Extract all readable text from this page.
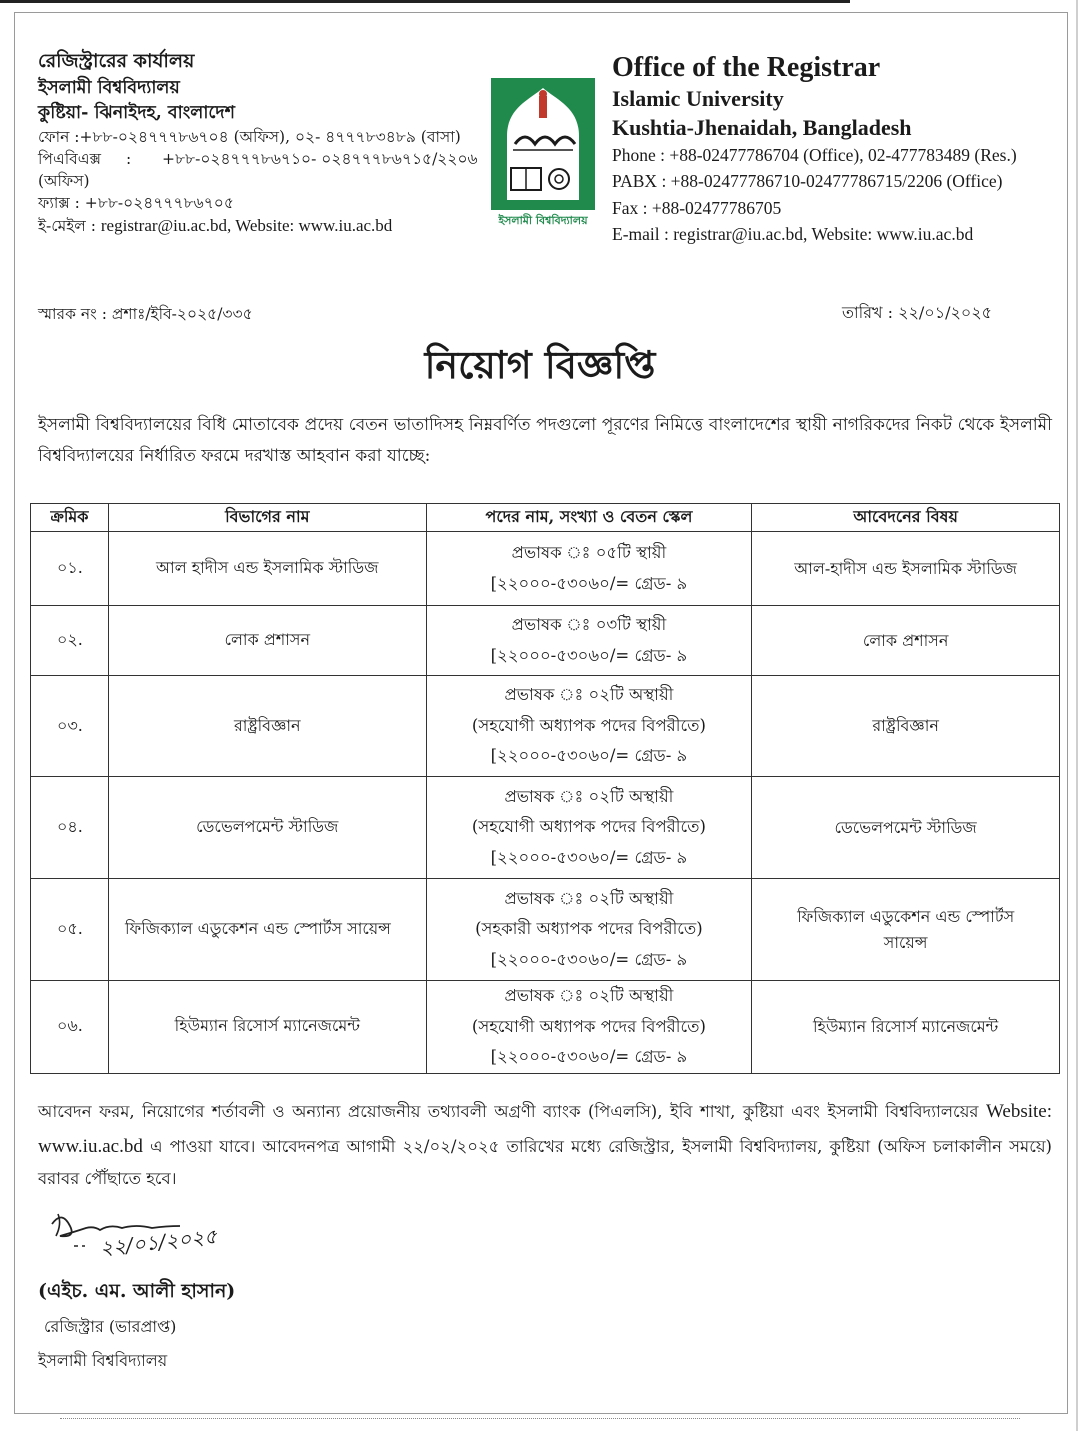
রেজিস্ট্রারের কার্যালয়
ইসলামী বিশ্ববিদ্যালয়
কুষ্টিয়া- ঝিনাইদহ, বাংলাদেশ
ফোন :+৮৮-০২৪৭৭৭৮৬৭০৪ (অফিস), ০২- ৪৭৭৭৮৩৪৮৯ (বাসা)
পিএবিএক্স	:	+৮৮-০২৪৭৭৭৮৬৭১০- ০২৪৭৭৭৮৬৭১৫/২২০৬
(অফিস)
ফ্যাক্স : +৮৮-০২৪৭৭৭৮৬৭০৫
ই-মেইল : registrar@iu.ac.bd, Website: www.iu.ac.bd	ইসলামী বিশ্ববিদ্যালয়
Office of the Registrar
Islamic University
Kushtia-Jhenaidah, Bangladesh
Phone : +88-02477786704 (Office), 02-477783489 (Res.)
PABX : +88-02477786710-02477786715/2206 (Office)
Fax : +88-02477786705
E-mail : registrar@iu.ac.bd, Website: www.iu.ac.bd
স্মারক নং : প্রশাঃ/ইবি-২০২৫/৩৩৫	তারিখ : ২২/০১/২০২৫
নিয়োগ বিজ্ঞপ্তি
ইসলামী বিশ্ববিদ্যালয়ের বিধি মোতাবেক প্রদেয় বেতন ভাতাদিসহ নিম্নবর্ণিত পদগুলো পূরণের নিমিত্তে বাংলাদেশের স্থায়ী নাগরিকদের নিকট থেকে ইসলামী বিশ্ববিদ্যালয়ের নির্ধারিত ফরমে দরখাস্ত আহবান করা যাচ্ছে:
ক্রমিক	বিভাগের নাম	পদের নাম, সংখ্যা ও বেতন স্কেল	আবেদনের বিষয়
০১.	আল হাদীস এন্ড ইসলামিক স্টাডিজ	প্রভাষক ঃ ০৫টি স্থায়ী
[২২০০০-৫৩০৬০/= গ্রেড- ৯	আল-হাদীস এন্ড ইসলামিক স্টাডিজ
০২.	লোক প্রশাসন	প্রভাষক ঃ ০৩টি স্থায়ী
[২২০০০-৫৩০৬০/= গ্রেড- ৯	লোক প্রশাসন
০৩.	রাষ্ট্রবিজ্ঞান	প্রভাষক ঃ ০২টি অস্থায়ী
(সহযোগী অধ্যাপক পদের বিপরীতে)
[২২০০০-৫৩০৬০/= গ্রেড- ৯	রাষ্ট্রবিজ্ঞান
০৪.	ডেভেলপমেন্ট স্টাডিজ	প্রভাষক ঃ ০২টি অস্থায়ী
(সহযোগী অধ্যাপক পদের বিপরীতে)
[২২০০০-৫৩০৬০/= গ্রেড- ৯	ডেভেলপমেন্ট স্টাডিজ
০৫.	ফিজিক্যাল এডুকেশন এন্ড স্পোর্টস সায়েন্স	প্রভাষক ঃ ০২টি অস্থায়ী
(সহকারী অধ্যাপক পদের বিপরীতে)
[২২০০০-৫৩০৬০/= গ্রেড- ৯	ফিজিক্যাল এডুকেশন এন্ড স্পোর্টস সায়েন্স
০৬.	হিউম্যান রিসোর্স ম্যানেজমেন্ট	প্রভাষক ঃ ০২টি অস্থায়ী
(সহযোগী অধ্যাপক পদের বিপরীতে)
[২২০০০-৫৩০৬০/= গ্রেড- ৯	হিউম্যান রিসোর্স ম্যানেজমেন্ট
আবেদন ফরম, নিয়োগের শর্তাবলী ও অন্যান্য প্রয়োজনীয় তথ্যাবলী অগ্রণী ব্যাংক (পিএলসি), ইবি শাখা, কুষ্টিয়া এবং ইসলামী বিশ্ববিদ্যালয়ের Website: www.iu.ac.bd এ পাওয়া যাবে। আবেদনপত্র আগামী ২২/০২/২০২৫ তারিখের মধ্যে রেজিস্ট্রার, ইসলামী বিশ্ববিদ্যালয়, কুষ্টিয়া (অফিস চলাকালীন সময়ে) বরাবর পৌঁছাতে হবে।
২২/০১/২০২৫
(এইচ. এম. আলী হাসান)
রেজিস্ট্রার (ভারপ্রাপ্ত)
ইসলামী বিশ্ববিদ্যালয়
